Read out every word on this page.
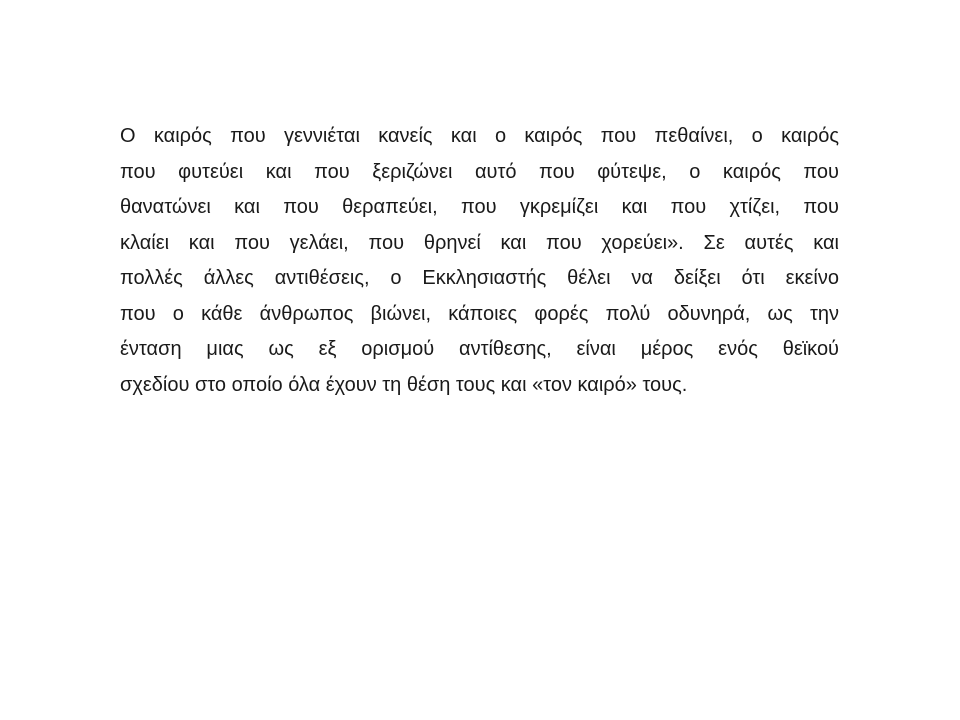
Ο καιρός που γεννιέται κανείς και ο καιρός που πεθαίνει, ο καιρός
που φυτεύει και που ξεριζώνει αυτό που φύτεψε, ο καιρός που
θανατώνει και που θεραπεύει, που γκρεμίζει και που χτίζει, που
κλαίει και που γελάει, που θρηνεί και που χορεύει». Σε αυτές και
πολλές άλλες αντιθέσεις, ο Εκκλησιαστής θέλει να δείξει ότι εκείνο
που ο κάθε άνθρωπος βιώνει, κάποιες φορές πολύ οδυνηρά, ως την
ένταση μιας ως εξ ορισμού αντίθεσης, είναι μέρος ενός θεϊκού
σχεδίου στο οποίο όλα έχουν τη θέση τους και «τον καιρό» τους.
